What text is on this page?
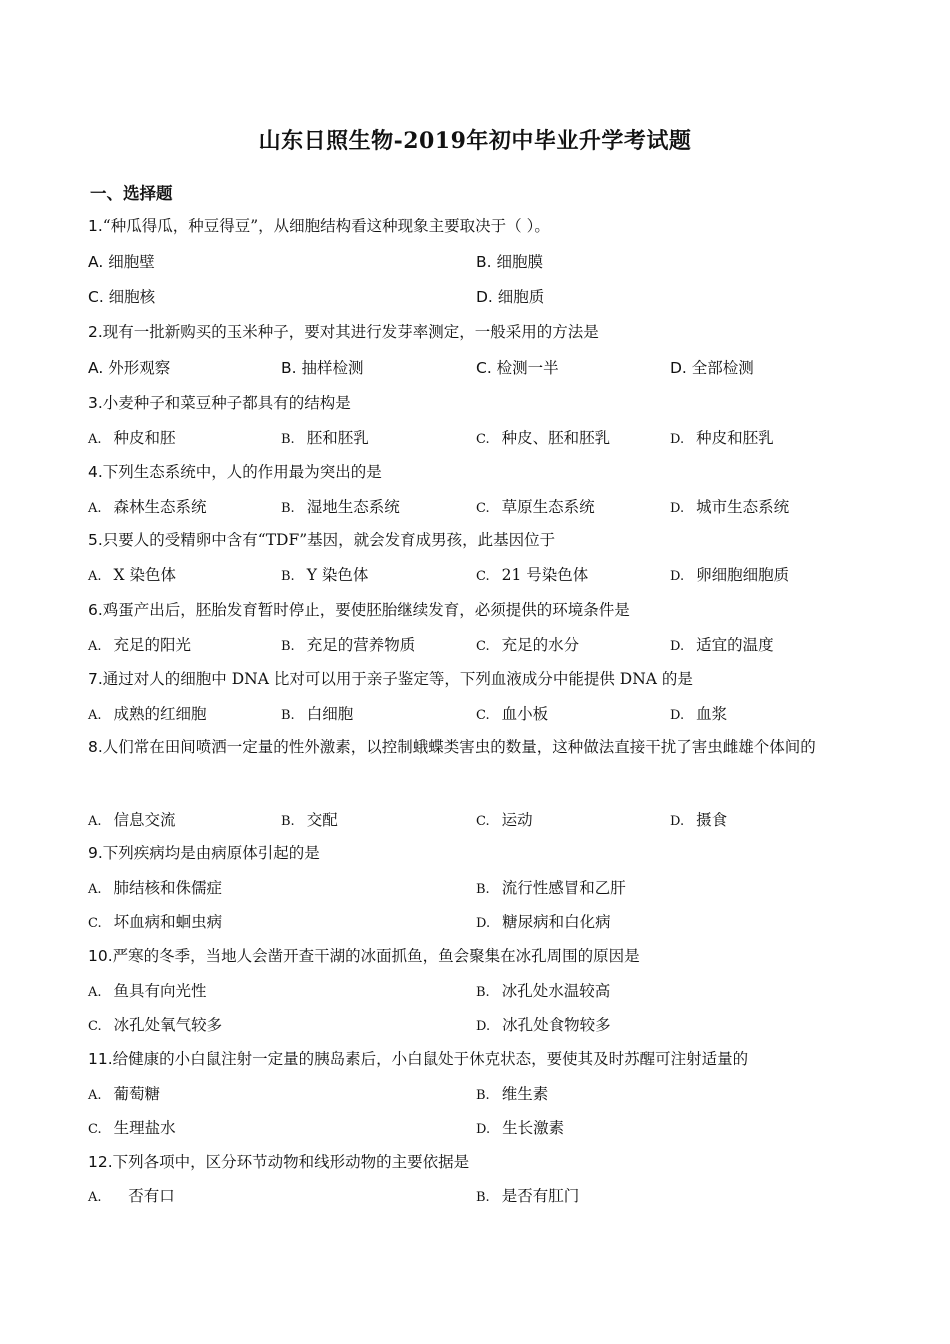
山东日照生物-2019年初中毕业升学考试题
一、选择题
1.“种瓜得瓜，种豆得豆”，从细胞结构看这种现象主要取决于（ ）。
A. 细胞壁	B. 细胞膜
C. 细胞核	D. 细胞质
2.现有一批新购买的玉米种子，要对其进行发芽率测定，一般采用的方法是
A. 外形观察	B. 抽样检测	C. 检测一半	D. 全部检测
3.小麦种子和菜豆种子都具有的结构是
A. 种皮和胚	B. 胚和胚乳	C. 种皮、胚和胚乳	D. 种皮和胚乳
4.下列生态系统中，人的作用最为突出的是
A. 森林生态系统	B. 湿地生态系统	C. 草原生态系统	D. 城市生态系统
5.只要人的受精卵中含有“TDF”基因，就会发育成男孩，此基因位于
A. X 染色体	B. Y 染色体	C. 21 号染色体	D. 卵细胞细胞质
6.鸡蛋产出后，胚胎发育暂时停止，要使胚胎继续发育，必须提供的环境条件是
A. 充足的阳光	B. 充足的营养物质	C. 充足的水分	D. 适宜的温度
7.通过对人的细胞中 DNA 比对可以用于亲子鉴定等，下列血液成分中能提供 DNA 的是
A. 成熟的红细胞	B. 白细胞	C. 血小板	D. 血浆
8.人们常在田间喷洒一定量的性外激素，以控制蛾蝶类害虫的数量，这种做法直接干扰了害虫雌雄个体间的
A. 信息交流	B. 交配	C. 运动	D. 摄食
9.下列疾病均是由病原体引起的是
A. 肺结核和侏儒症	B. 流行性感冒和乙肝
C. 坏血病和蛔虫病	D. 糖尿病和白化病
10.严寒的冬季，当地人会凿开查干湖的冰面抓鱼，鱼会聚集在冰孔周围的原因是
A. 鱼具有向光性	B. 冰孔处水温较高
C. 冰孔处氧气较多	D. 冰孔处食物较多
11.给健康的小白鼠注射一定量的胰岛素后，小白鼠处于休克状态，要使其及时苏醒可注射适量的
A. 葡萄糖	B. 维生素
C. 生理盐水	D. 生长激素
12.下列各项中，区分环节动物和线形动物的主要依据是
A.   否有口	B. 是否有肛门
